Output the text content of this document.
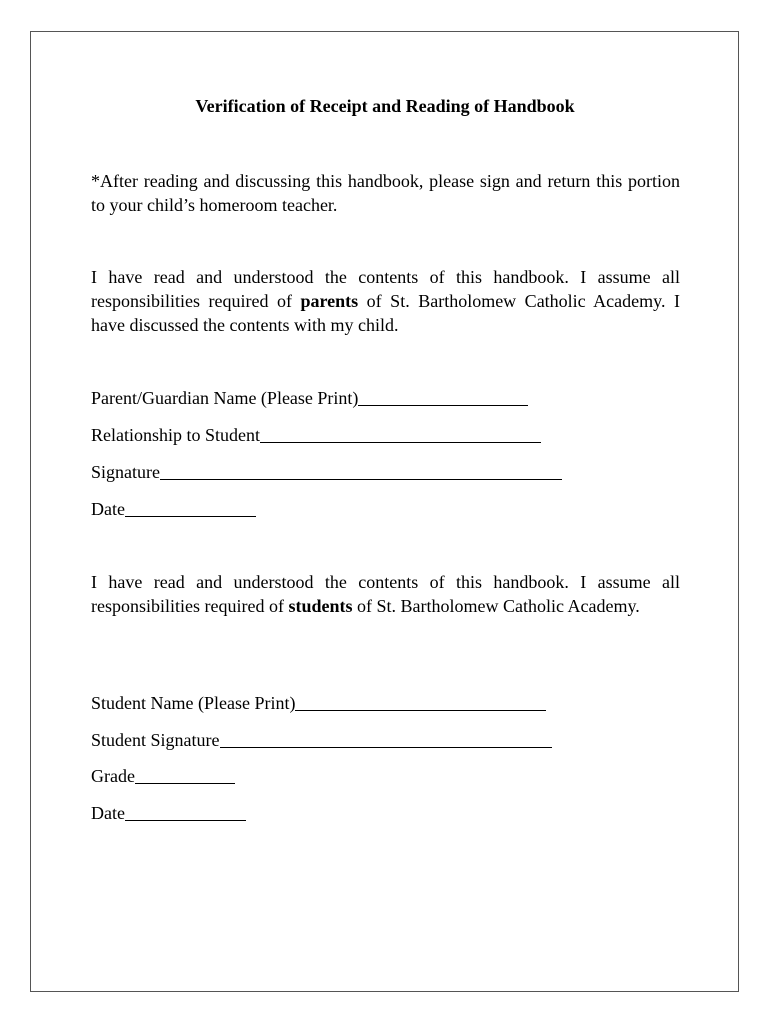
Verification of Receipt and Reading of Handbook
*After reading and discussing this handbook, please sign and return this portion to your child’s homeroom teacher.
I have read and understood the contents of this handbook. I assume all responsibilities required of parents of St. Bartholomew Catholic Academy. I have discussed the contents with my child.
Parent/Guardian Name (Please Print)
Relationship to Student
Signature
Date
I have read and understood the contents of this handbook. I assume all responsibilities required of students of St. Bartholomew Catholic Academy.
Student Name (Please Print)
Student Signature
Grade
Date
